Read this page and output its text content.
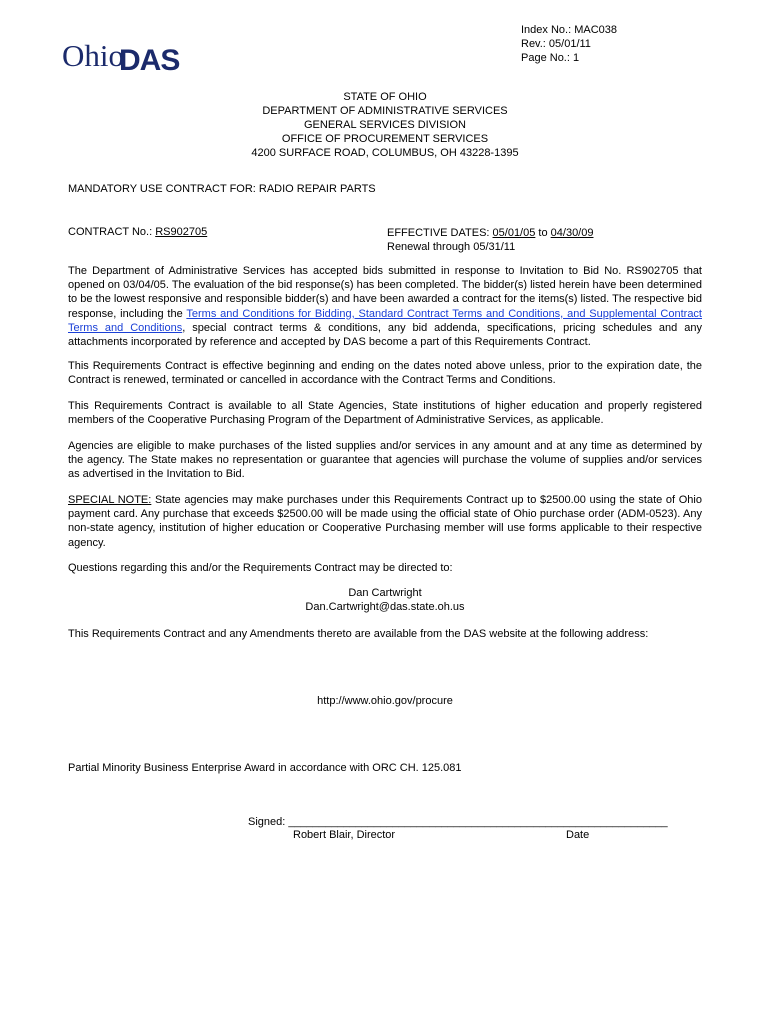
Ohio
DAS
Index No.: MAC038
Rev.: 05/01/11
Page No.: 1
STATE OF OHIO
DEPARTMENT OF ADMINISTRATIVE SERVICES
GENERAL SERVICES DIVISION
OFFICE OF PROCUREMENT SERVICES
4200 SURFACE ROAD, COLUMBUS, OH 43228-1395
MANDATORY USE CONTRACT FOR: RADIO REPAIR PARTS
CONTRACT No.: RS902705	EFFECTIVE DATES: 05/01/05 to 04/30/09
Renewal through 05/31/11
The Department of Administrative Services has accepted bids submitted in response to Invitation to Bid No. RS902705 that opened on 03/04/05. The evaluation of the bid response(s) has been completed. The bidder(s) listed herein have been determined to be the lowest responsive and responsible bidder(s) and have been awarded a contract for the items(s) listed. The respective bid response, including the Terms and Conditions for Bidding, Standard Contract Terms and Conditions, and Supplemental Contract Terms and Conditions, special contract terms & conditions, any bid addenda, specifications, pricing schedules and any attachments incorporated by reference and accepted by DAS become a part of this Requirements Contract.
This Requirements Contract is effective beginning and ending on the dates noted above unless, prior to the expiration date, the Contract is renewed, terminated or cancelled in accordance with the Contract Terms and Conditions.
This Requirements Contract is available to all State Agencies, State institutions of higher education and properly registered members of the Cooperative Purchasing Program of the Department of Administrative Services, as applicable.
Agencies are eligible to make purchases of the listed supplies and/or services in any amount and at any time as determined by the agency. The State makes no representation or guarantee that agencies will purchase the volume of supplies and/or services as advertised in the Invitation to Bid.
SPECIAL NOTE: State agencies may make purchases under this Requirements Contract up to $2500.00 using the state of Ohio payment card. Any purchase that exceeds $2500.00 will be made using the official state of Ohio purchase order (ADM-0523). Any non-state agency, institution of higher education or Cooperative Purchasing member will use forms applicable to their respective agency.
Questions regarding this and/or the Requirements Contract may be directed to:
Dan Cartwright
Dan.Cartwright@das.state.oh.us
This Requirements Contract and any Amendments thereto are available from the DAS website at the following address:
http://www.ohio.gov/procure
Partial Minority Business Enterprise Award in accordance with ORC CH. 125.081
Signed: ______________________________________________________________
Robert Blair, Director	Date
